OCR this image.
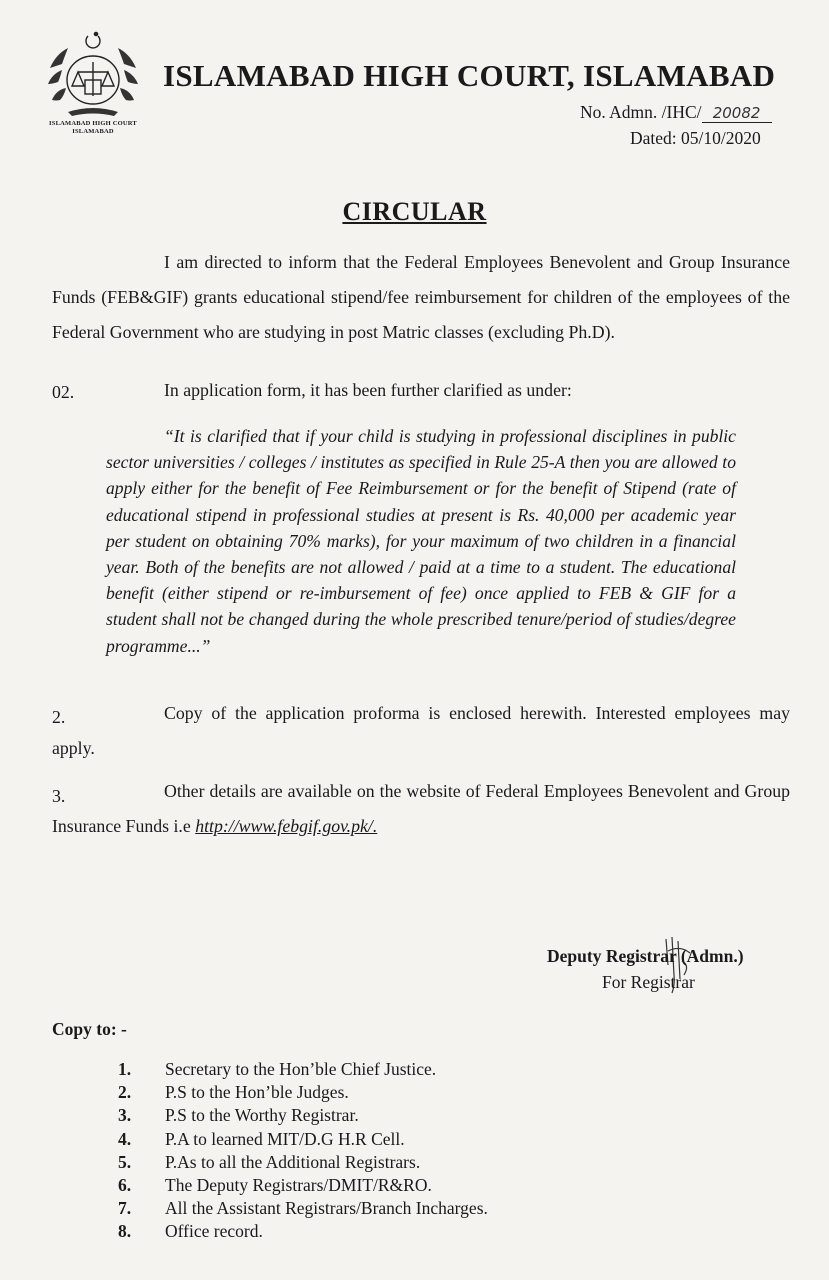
ISLAMABAD HIGH COURT
ISLAMABAD
ISLAMABAD HIGH COURT, ISLAMABAD
No. Admn. /IHC/ 20082
Dated: 05/10/2020
CIRCULAR
I am directed to inform that the Federal Employees Benevolent and Group Insurance Funds (FEB&GIF) grants educational stipend/fee reimbursement for children of the employees of the Federal Government who are studying in post Matric classes (excluding Ph.D).
02.	In application form, it has been further clarified as under:
“It is clarified that if your child is studying in professional disciplines in public sector universities / colleges / institutes as specified in Rule 25-A then you are allowed to apply either for the benefit of Fee Reimbursement or for the benefit of Stipend (rate of educational stipend in professional studies at present is Rs. 40,000 per academic year per student on obtaining 70% marks), for your maximum of two children in a financial year. Both of the benefits are not allowed / paid at a time to a student. The educational benefit (either stipend or re-imbursement of fee) once applied to FEB & GIF for a student shall not be changed during the whole prescribed tenure/period of studies/degree programme...”
2.	Copy of the application proforma is enclosed herewith. Interested employees may apply.
3.	Other details are available on the website of Federal Employees Benevolent and Group Insurance Funds i.e http://www.febgif.gov.pk/.
Deputy Registrar (Admn.)
For Registrar
Copy to: -
1.	Secretary to the Hon’ble Chief Justice.
2.	P.S to the Hon’ble Judges.
3.	P.S to the Worthy Registrar.
4.	P.A to learned MIT/D.G H.R Cell.
5.	P.As to all the Additional Registrars.
6.	The Deputy Registrars/DMIT/R&RO.
7.	All the Assistant Registrars/Branch Incharges.
8.	Office record.
